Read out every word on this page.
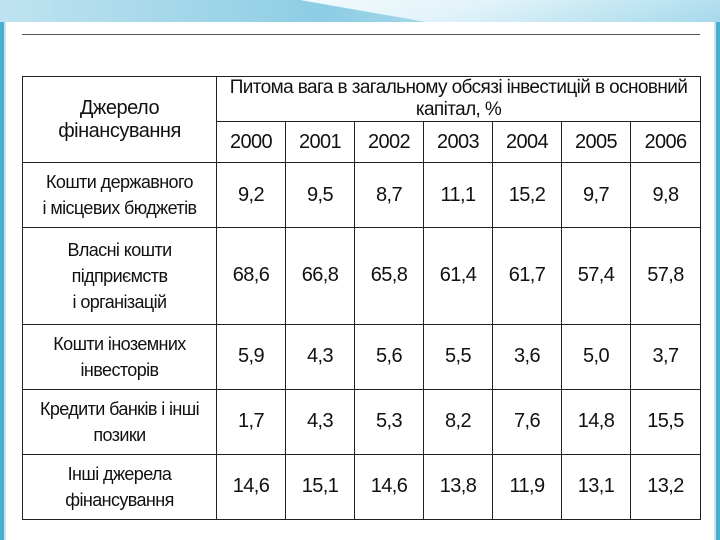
Джерело фінансування	Питома вага в загальному обсязі інвестицій в основний капітал, %						
	2000	2001	2002	2003	2004	2005	2006
Кошти державного
і місцевих бюджетів	9,2	9,5	8,7	11,1	15,2	9,7	9,8
Власні кошти підприємств
і організацій	68,6	66,8	65,8	61,4	61,7	57,4	57,8
Кошти іноземних
інвесторів	5,9	4,3	5,6	5,5	3,6	5,0	3,7
Кредити банків і інші
позики	1,7	4,3	5,3	8,2	7,6	14,8	15,5
Інші джерела фінансування	14,6	15,1	14,6	13,8	11,9	13,1	13,2
